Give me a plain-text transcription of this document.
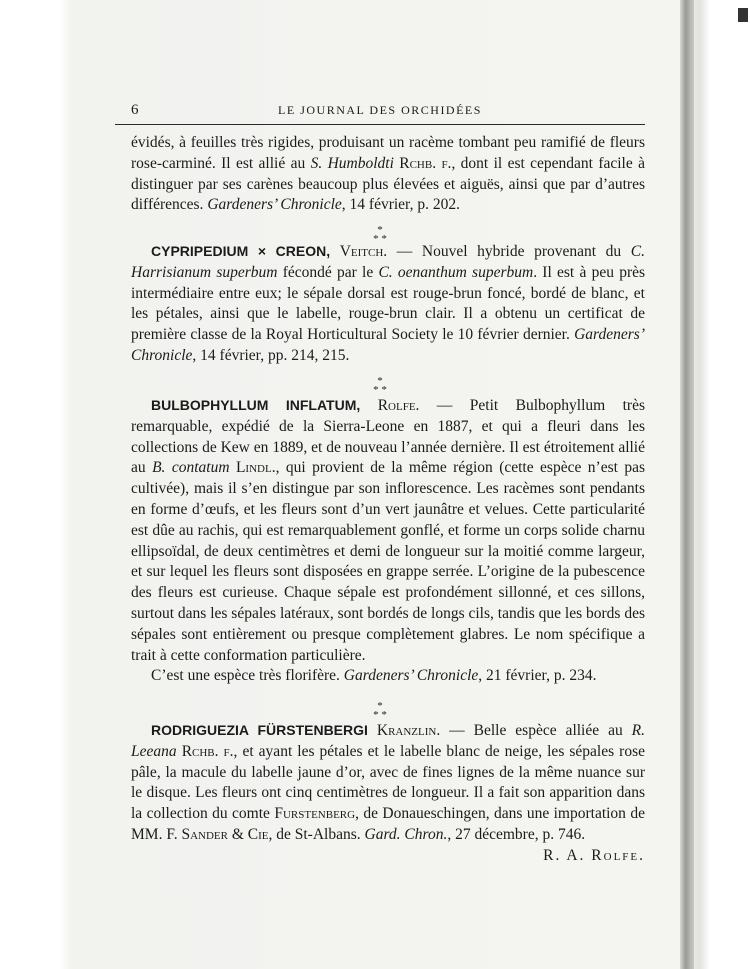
6	LE JOURNAL DES ORCHIDÉES
évidés, à feuilles très rigides, produisant un racème tombant peu ramifié de fleurs rose-carminé. Il est allié au S. Humboldti Rchb. f., dont il est cependant facile à distinguer par ses carènes beaucoup plus élevées et aiguës, ainsi que par d’autres différences. Gardeners’ Chronicle, 14 février, p. 202.
*
* *
CYPRIPEDIUM × CREON, Veitch. — Nouvel hybride provenant du C. Harrisianum superbum fécondé par le C. oenanthum superbum. Il est à peu près intermédiaire entre eux; le sépale dorsal est rouge-brun foncé, bordé de blanc, et les pétales, ainsi que le labelle, rouge-brun clair. Il a obtenu un certificat de première classe de la Royal Horticultural Society le 10 février dernier. Gardeners’ Chronicle, 14 février, pp. 214, 215.
*
* *
BULBOPHYLLUM INFLATUM, Rolfe. — Petit Bulbophyllum très remarquable, expédié de la Sierra-Leone en 1887, et qui a fleuri dans les collections de Kew en 1889, et de nouveau l’année dernière. Il est étroitement allié au B. contatum Lindl., qui provient de la même région (cette espèce n’est pas cultivée), mais il s’en distingue par son inflorescence. Les racèmes sont pendants en forme d’œufs, et les fleurs sont d’un vert jaunâtre et velues. Cette particularité est dûe au rachis, qui est remarquablement gonflé, et forme un corps solide charnu ellipsoïdal, de deux centimètres et demi de longueur sur la moitié comme largeur, et sur lequel les fleurs sont disposées en grappe serrée. L’origine de la pubescence des fleurs est curieuse. Chaque sépale est profondément sillonné, et ces sillons, surtout dans les sépales latéraux, sont bordés de longs cils, tandis que les bords des sépales sont entièrement ou presque complètement glabres. Le nom spécifique a trait à cette conformation particulière.
C’est une espèce très florifère. Gardeners’ Chronicle, 21 février, p. 234.
*
* *
RODRIGUEZIA FÜRSTENBERGI Kranzlin. — Belle espèce alliée au R. Leeana Rchb. f., et ayant les pétales et le labelle blanc de neige, les sépales rose pâle, la macule du labelle jaune d’or, avec de fines lignes de la même nuance sur le disque. Les fleurs ont cinq centimètres de longueur. Il a fait son apparition dans la collection du comte Furstenberg, de Donaueschingen, dans une importation de MM. F. Sander & Cie, de St-Albans. Gard. Chron., 27 décembre, p. 746.
R. A. Rolfe.
